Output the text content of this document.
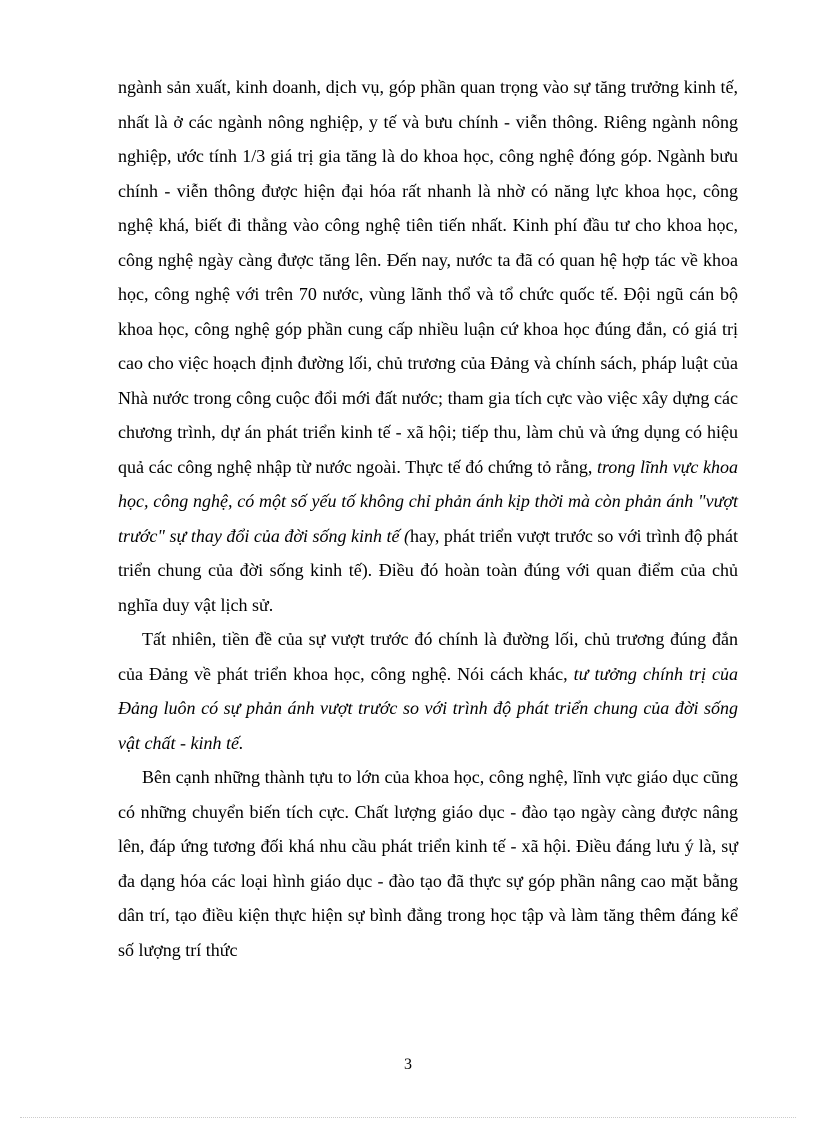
ngành sản xuất, kinh doanh, dịch vụ, góp phần quan trọng vào sự tăng trưởng kinh tế, nhất là ở các ngành nông nghiệp, y tế và bưu chính - viễn thông. Riêng ngành nông nghiệp, ước tính 1/3 giá trị gia tăng là do khoa học, công nghệ đóng góp. Ngành bưu chính - viễn thông được hiện đại hóa rất nhanh là nhờ có năng lực khoa học, công nghệ khá, biết đi thẳng vào công nghệ tiên tiến nhất. Kinh phí đầu tư cho khoa học, công nghệ ngày càng được tăng lên. Đến nay, nước ta đã có quan hệ hợp tác về khoa học, công nghệ với trên 70 nước, vùng lãnh thổ và tổ chức quốc tế. Đội ngũ cán bộ khoa học, công nghệ góp phần cung cấp nhiều luận cứ khoa học đúng đắn, có giá trị cao cho việc hoạch định đường lối, chủ trương của Đảng và chính sách, pháp luật của Nhà nước trong công cuộc đổi mới đất nước; tham gia tích cực vào việc xây dựng các chương trình, dự án phát triển kinh tế - xã hội; tiếp thu, làm chủ và ứng dụng có hiệu quả các công nghệ nhập từ nước ngoài. Thực tế đó chứng tỏ rằng, trong lĩnh vực khoa học, công nghệ, có một số yếu tố không chỉ phản ánh kịp thời mà còn phản ánh "vượt trước" sự thay đổi của đời sống kinh tế (hay, phát triển vượt trước so với trình độ phát triển chung của đời sống kinh tế). Điều đó hoàn toàn đúng với quan điểm của chủ nghĩa duy vật lịch sử.

Tất nhiên, tiền đề của sự vượt trước đó chính là đường lối, chủ trương đúng đắn của Đảng về phát triển khoa học, công nghệ. Nói cách khác, tư tưởng chính trị của Đảng luôn có sự phản ánh vượt trước so với trình độ phát triển chung của đời sống vật chất - kinh tế.

Bên cạnh những thành tựu to lớn của khoa học, công nghệ, lĩnh vực giáo dục cũng có những chuyển biến tích cực. Chất lượng giáo dục - đào tạo ngày càng được nâng lên, đáp ứng tương đối khá nhu cầu phát triển kinh tế - xã hội. Điều đáng lưu ý là, sự đa dạng hóa các loại hình giáo dục - đào tạo đã thực sự góp phần nâng cao mặt bằng dân trí, tạo điều kiện thực hiện sự bình đẳng trong học tập và làm tăng thêm đáng kể số lượng trí thức

3
